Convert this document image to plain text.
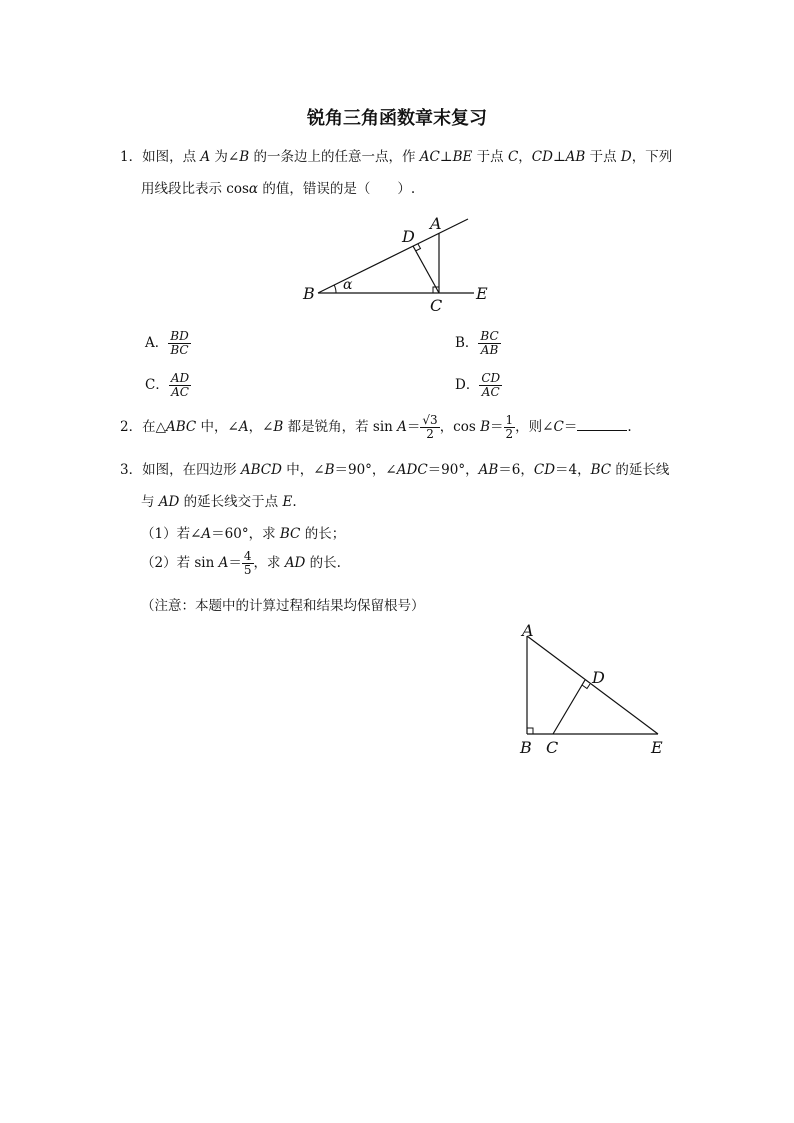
锐角三角函数章末复习
1．如图，点 A 为∠B 的一条边上的任意一点，作 AC⊥BE 于点 C，CD⊥AB 于点 D，下列
用线段比表示 cosα 的值，错误的是（　　）.
α
B	E
C
D
A
A． $\frac{BD}{BC}$	B． $\frac{BC}{AB}$
C． $\frac{AD}{AC}$	D． $\frac{CD}{AC}$
2．在△ABC 中，∠A，∠B 都是锐角，若 $\sin A= \frac{√3}{2}$ ，$\cos B= \frac{1}{2}$ ，则∠C＝	.
3．如图，在四边形 ABCD 中，∠B＝90°，∠ADC＝90°，AB＝6，CD＝4，BC 的延长线
与 AD 的延长线交于点 E.
（1）若∠A＝60°，求 BC 的长；
（2）若 $\sin A= \frac{4}{5}$ ，求 AD 的长.
（注意：本题中的计算过程和结果均保留根号）
A
B C
D
E
